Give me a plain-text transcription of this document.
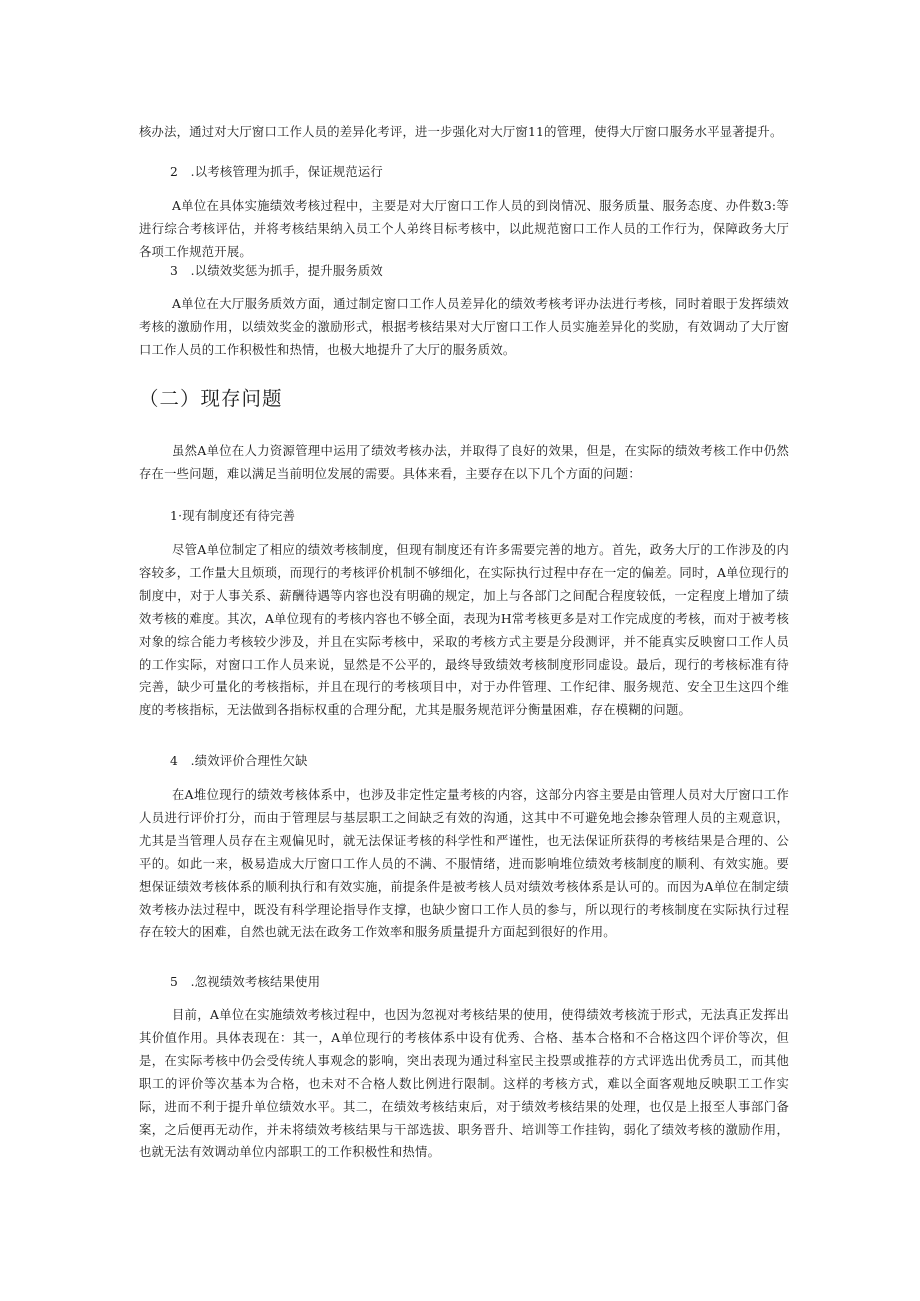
核办法，通过对大厅窗口工作人员的差异化考评，进一步强化对大厅窗11的管理，使得大厅窗口服务水平显著提升。
2　.以考核管理为抓手，保证规范运行
A单位在具体实施绩效考核过程中，主要是对大厅窗口工作人员的到岗情况、服务质量、服务态度、办件数3:等进行综合考核评估，并将考核结果纳入员工个人弟终目标考核中，以此规范窗口工作人员的工作行为，保障政务大厅各项工作规范开展。
3　.以绩效奖惩为抓手，提升服务质效
A单位在大厅服务质效方面，通过制定窗口工作人员差异化的绩效考核考评办法进行考核，同时着眼于发挥绩效考核的激励作用，以绩效奖金的激励形式，根据考核结果对大厅窗口工作人员实施差异化的奖励，有效调动了大厅窗口工作人员的工作积极性和热情，也极大地提升了大厅的服务质效。
（二）现存问题
虽然A单位在人力资源管理中运用了绩效考核办法，并取得了良好的效果，但是，在实际的绩效考核工作中仍然存在一些问题，难以满足当前明位发展的需要。具体来看，主要存在以下几个方面的问题：
1·现有制度还有待完善
尽管A单位制定了相应的绩效考核制度，但现有制度还有许多需要完善的地方。首先，政务大厅的工作涉及的内容较多，工作量大且烦琐，而现行的考核评价机制不够细化，在实际执行过程中存在一定的偏差。同时，A单位现行的制度中，对于人事关系、薪酬待遇等内容也没有明确的规定，加上与各部门之间配合程度较低，一定程度上增加了绩效考核的难度。其次，A单位现有的考核内容也不够全面，表现为H常考核更多是对工作完成度的考核，而对于被考核对象的综合能力考核较少涉及，并且在实际考核中，采取的考核方式主要是分段测评，并不能真实反映窗口工作人员的工作实际，对窗口工作人员来说，显然是不公平的，最终导致绩效考核制度形同虚设。最后，现行的考核标准有待完善，缺少可量化的考核指标，并且在现行的考核项目中，对于办件管理、工作纪律、服务规范、安全卫生这四个维度的考核指标，无法做到各指标权重的合理分配，尤其是服务规范评分衡量困难，存在模糊的问题。
4　.绩效评价合理性欠缺
在A堆位现行的绩效考核体系中，也涉及非定性定量考核的内容，这部分内容主要是由管理人员对大厅窗口工作人员进行评价打分，而由于管理层与基层职工之间缺乏有效的沟通，这其中不可避免地会掺杂管理人员的主观意识，尤其是当管理人员存在主观偏见时，就无法保证考核的科学性和严谨性，也无法保证所获得的考核结果是合理的、公平的。如此一来，极易造成大厅窗口工作人员的不满、不服情绪，进而影响堆位绩效考核制度的顺利、有效实施。要想保证绩效考核体系的顺利执行和有效实施，前提条件是被考核人员对绩效考核体系是认可的。而因为A单位在制定绩效考核办法过程中，既没有科学理论指导作支撑，也缺少窗口工作人员的参与，所以现行的考核制度在实际执行过程存在较大的困难，自然也就无法在政务工作效率和服务质量提升方面起到很好的作用。
5　.忽视绩效考核结果使用
目前，A单位在实施绩效考核过程中，也因为忽视对考核结果的使用，使得绩效考核流于形式，无法真正发挥出其价值作用。具体表现在：其一，A单位现行的考核体系中设有优秀、合格、基本合格和不合格这四个评价等次，但是，在实际考核中仍会受传统人事观念的影响，突出表现为通过科室民主投票或推荐的方式评选出优秀员工，而其他职工的评价等次基本为合格，也未对不合格人数比例进行限制。这样的考核方式，难以全面客观地反映职工工作实际，进而不利于提升单位绩效水平。其二，在绩效考核结束后，对于绩效考核结果的处理，也仅是上报至人事部门备案，之后便再无动作，并未将绩效考核结果与干部选拔、职务晋升、培训等工作挂钩，弱化了绩效考核的激励作用，也就无法有效调动单位内部职工的工作积极性和热情。
